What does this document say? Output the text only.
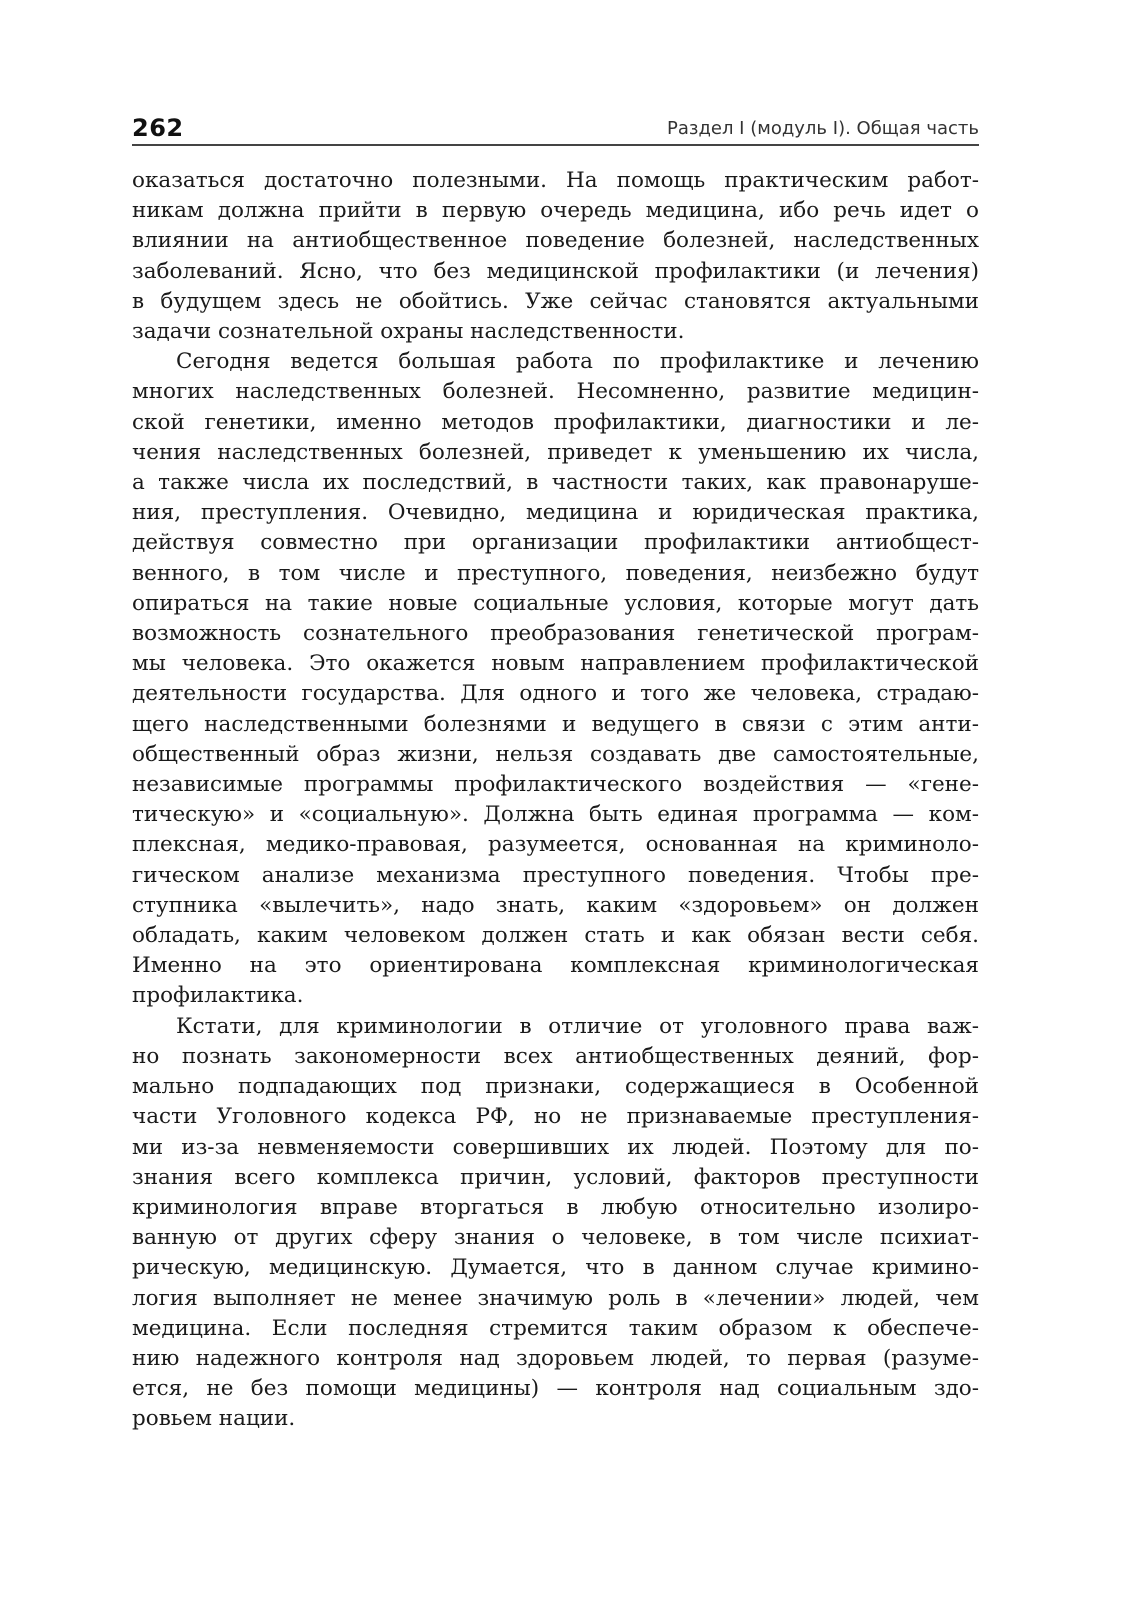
262	Раздел I (модуль I). Общая часть

оказаться достаточно полезными. На помощь практическим работ-
никам должна прийти в первую очередь медицина, ибо речь идет о
влиянии на антиобщественное поведение болезней, наследственных
заболеваний. Ясно, что без медицинской профилактики (и лечения)
в будущем здесь не обойтись. Уже сейчас становятся актуальными
задачи сознательной охраны наследственности.

Сегодня ведется большая работа по профилактике и лечению
многих наследственных болезней. Несомненно, развитие медицин-
ской генетики, именно методов профилактики, диагностики и ле-
чения наследственных болезней, приведет к уменьшению их числа,
а также числа их последствий, в частности таких, как правонаруше-
ния, преступления. Очевидно, медицина и юридическая практика,
действуя совместно при организации профилактики антиобщест-
венного, в том числе и преступного, поведения, неизбежно будут
опираться на такие новые социальные условия, которые могут дать
возможность сознательного преобразования генетической програм-
мы человека. Это окажется новым направлением профилактической
деятельности государства. Для одного и того же человека, страдаю-
щего наследственными болезнями и ведущего в связи с этим анти-
общественный образ жизни, нельзя создавать две самостоятельные,
независимые программы профилактического воздействия — «гене-
тическую» и «социальную». Должна быть единая программа — ком-
плексная, медико-правовая, разумеется, основанная на криминоло-
гическом анализе механизма преступного поведения. Чтобы пре-
ступника «вылечить», надо знать, каким «здоровьем» он должен
обладать, каким человеком должен стать и как обязан вести себя.
Именно на это ориентирована комплексная криминологическая
профилактика.

Кстати, для криминологии в отличие от уголовного права важ-
но познать закономерности всех антиобщественных деяний, фор-
мально подпадающих под признаки, содержащиеся в Особенной
части Уголовного кодекса РФ, но не признаваемые преступления-
ми из-за невменяемости совершивших их людей. Поэтому для по-
знания всего комплекса причин, условий, факторов преступности
криминология вправе вторгаться в любую относительно изолиро-
ванную от других сферу знания о человеке, в том числе психиат-
рическую, медицинскую. Думается, что в данном случае кримино-
логия выполняет не менее значимую роль в «лечении» людей, чем
медицина. Если последняя стремится таким образом к обеспече-
нию надежного контроля над здоровьем людей, то первая (разуме-
ется, не без помощи медицины) — контроля над социальным здо-
ровьем нации.
